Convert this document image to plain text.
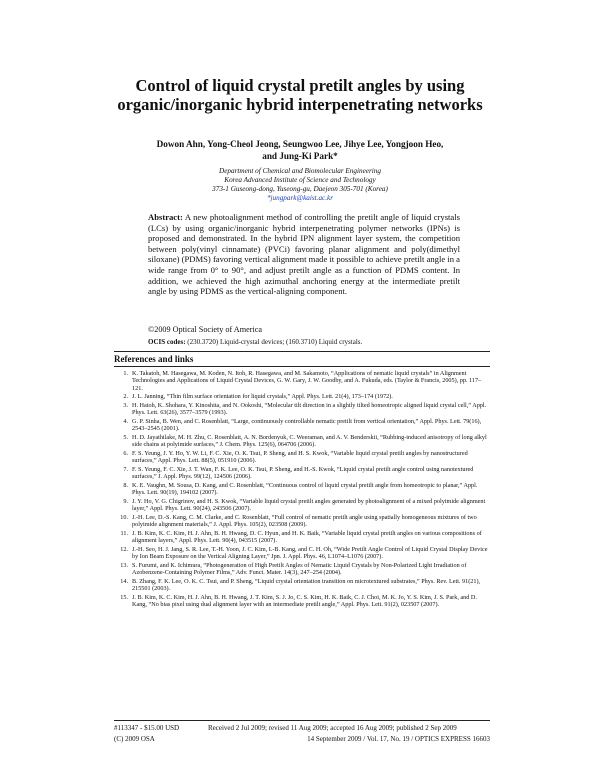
Control of liquid crystal pretilt angles by using organic/inorganic hybrid interpenetrating networks
Dowon Ahn, Yong-Cheol Jeong, Seungwoo Lee, Jihye Lee, Yongjoon Heo,
and Jung-Ki Park*
Department of Chemical and Biomolecular Engineering
Korea Advanced Institute of Science and Technology
373-1 Guseong-dong, Yuseong-gu, Daejeon 305-701 (Korea)
*jungpark@kaist.ac.kr
Abstract: A new photoalignment method of controlling the pretilt angle of liquid crystals (LCs) by using organic/inorganic hybrid interpenetrating polymer networks (IPNs) is proposed and demonstrated. In the hybrid IPN alignment layer system, the competition between poly(vinyl cinnamate) (PVCi) favoring planar alignment and poly(dimethyl siloxane) (PDMS) favoring vertical alignment made it possible to achieve pretilt angle in a wide range from 0° to 90°, and adjust pretilt angle as a function of PDMS content. In addition, we achieved the high azimuthal anchoring energy at the intermediate pretilt angle by using PDMS as the vertical-aligning component.
©2009 Optical Society of America
OCIS codes: (230.3720) Liquid-crystal devices; (160.3710) Liquid crystals.
References and links
1. K. Takatoh, M. Hasegawa, M. Koden, N. Itoh, R. Hasegawa, and M. Sakamoto, “Applications of nematic liquid crystals” in Alignment Technologies and Applications of Liquid Crystal Devices, G. W. Gary, J. W. Goodby, and A. Fukuda, eds. (Taylor & Francis, 2005), pp. 117–121.
2. J. L. Janning, “Thin film surface orientation for liquid crystals,” Appl. Phys. Lett. 21(4), 173–174 (1972).
3. H. Hatoh, K. Shohara, Y. Kinoshita, and N. Ookoshi, “Molecular tilt direction in a slightly tilted homeotropic aligned liquid crystal cell,” Appl. Phys. Lett. 63(26), 3577–3579 (1993).
4. G. P. Sinha, B. Wen, and C. Rosenblatt, “Large, continuously controllable nematic pretilt from vertical orientation,” Appl. Phys. Lett. 79(16), 2543–2545 (2001).
5. H. D. Jayathilake, M. H. Zhu, C. Rosenblatt, A. N. Bordenyuk, C. Weeraman, and A. V. Benderskii, “Rubbing-induced anisotropy of long alkyl side chains at polyimide surfaces,” J. Chem. Phys. 125(6), 064706 (2006).
6. F. S. Yeung, J. Y. Ho, Y. W. Li, F. C. Xie, O. K. Tsui, P. Sheng, and H. S. Kwok, “Variable liquid crystal pretilt angles by nanostructured surfaces,” Appl. Phys. Lett. 88(5), 051910 (2006).
7. F. S. Yeung, F. C. Xie, J. T. Wan, F. K. Lee, O. K. Tsui, P. Sheng, and H.-S. Kwok, “Liquid crystal pretilt angle control using nanotextured surfaces,” J. Appl. Phys. 99(12), 124506 (2006).
8. K. E. Vaughn, M. Sousa, D. Kang, and C. Rosenblatt, “Continuous control of liquid crystal pretilt angle from homeotropic to planar,” Appl. Phys. Lett. 90(19), 194102 (2007).
9. J. Y. Ho, V. G. Chigrinov, and H. S. Kwok, “Variable liquid crystal pretilt angles generated by photoalignment of a mixed polyimide alignment layer,” Appl. Phys. Lett. 90(24), 243506 (2007).
10. J.-H. Lee, D.-S. Kang, C. M. Clarke, and C. Rosenblatt, “Full control of nematic pretilt angle using spatially homogeneous mixtures of two polyimide alignment materials,” J. Appl. Phys. 105(2), 023508 (2009).
11. J. B. Kim, K. C. Kim, H. J. Ahn, B. H. Hwang, D. C. Hyun, and H. K. Baik, “Variable liquid crystal pretilt angles on various compositions of alignment layers,” Appl. Phys. Lett. 90(4), 043515 (2007).
12. J.-H. Seo, H. J. Jang, S. R. Lee, T.-H. Yoon, J. C. Kim, I.-B. Kang, and C. H. Oh, “Wide Pretilt Angle Control of Liquid Crystal Display Device by Ion Beam Exposure on the Vertical Aligning Layer,” Jpn. J. Appl. Phys. 46, L1074–L1076 (2007).
13. S. Furumi, and K. Ichimura, “Photogeneration of High Pretilt Angles of Nematic Liquid Crystals by Non-Polarized Light Irradiation of Azobenzene-Containing Polymer Films,” Adv. Funct. Mater. 14(3), 247–254 (2004).
14. B. Zhang, F. K. Lee, O. K. C. Tsui, and P. Sheng, “Liquid crystal orientation transition on microtextured substrates,” Phys. Rev. Lett. 91(21), 215501 (2003).
15. J. B. Kim, K. C. Kim, H. J. Ahn, B. H. Hwang, J. T. Kim, S. J. Jo, C. S. Kim, H. K. Baik, C. J. Choi, M. K. Jo, Y. S. Kim, J. S. Park, and D. Kang, “No bias pixel using dual alignment layer with an intermediate pretilt angle,” Appl. Phys. Lett. 91(2), 023507 (2007).
#113347 - $15.00 USD	Received 2 Jul 2009; revised 11 Aug 2009; accepted 16 Aug 2009; published 2 Sep 2009
(C) 2009 OSA	14 September 2009 / Vol. 17, No. 19 / OPTICS EXPRESS 16603
